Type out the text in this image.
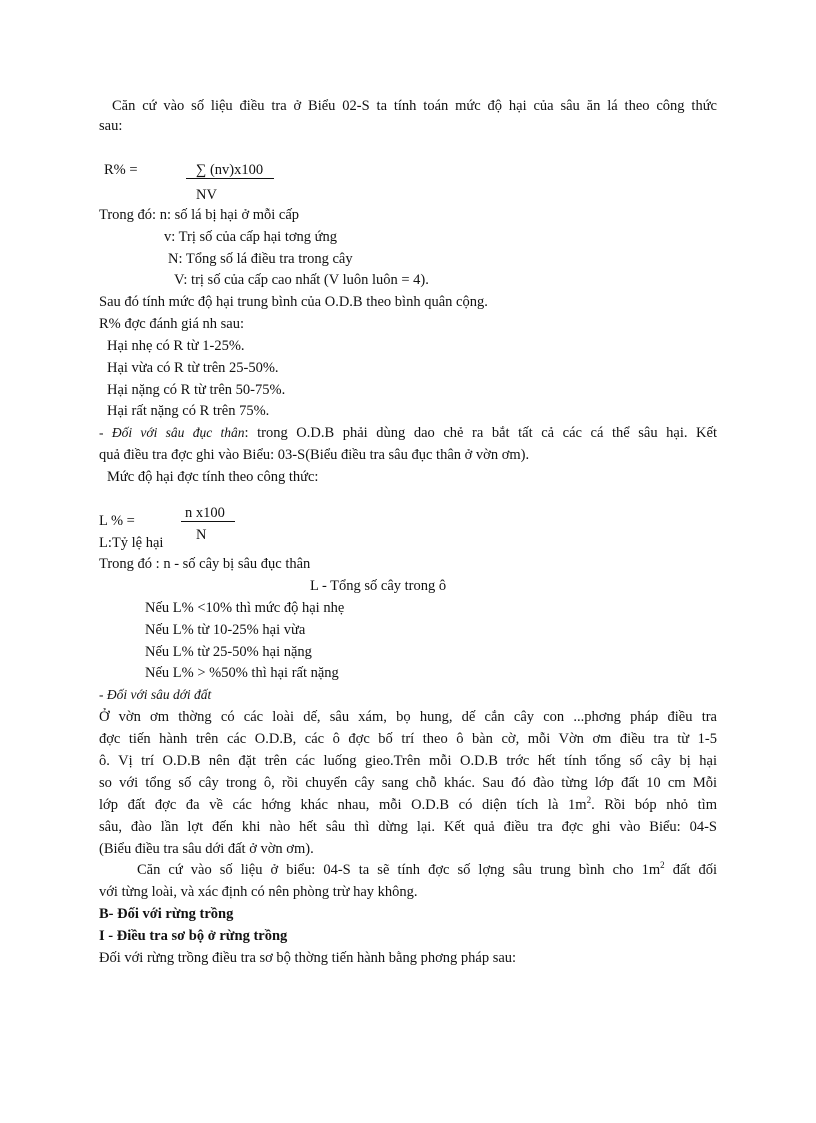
Căn cứ vào số liệu điều tra ở Biểu 02-S ta tính toán mức độ hại của sâu ăn lá theo công thức
sau:
R% =	∑ (nv)x100
NV
Trong đó: n: số lá bị hại ở mỗi cấp
v: Trị số của cấp hại tơng ứng
N: Tổng số lá điều tra trong cây
V: trị số của cấp cao nhất (V luôn luôn = 4).
Sau đó tính mức độ hại trung bình của O.D.B theo bình quân cộng.
R% đợc đánh giá nh sau:
Hại nhẹ có R từ 1-25%.
Hại vừa có R từ trên 25-50%.
Hại nặng có R từ trên 50-75%.
Hại rất nặng có R trên 75%.
- Đối với sâu đục thân: trong O.D.B phải dùng dao chẻ ra bắt tất cả các cá thể sâu hại. Kết
quả điều tra đợc ghi vào Biểu: 03-S(Biểu điều tra sâu đục thân ở vờn ơm).
Mức độ hại đợc tính theo công thức:
L % =	n x100
N
L:Tỷ lệ hại
Trong đó : n - số cây bị sâu đục thân
L - Tổng số cây trong ô
Nếu L% <10% thì mức độ hại nhẹ
Nếu L% từ 10-25% hại vừa
Nếu L% từ 25-50% hại nặng
Nếu L% > %50% thì hại rất nặng
- Đối với sâu dới đất
Ở vờn ơm thờng có các loài dế, sâu xám, bọ hung, dế cắn cây con ...phơng pháp điều tra
đợc tiến hành trên các O.D.B, các ô đợc bố trí theo ô bàn cờ, mỗi Vờn ơm điều tra từ 1-5
ô. Vị trí O.D.B nên đặt trên các luống gieo.Trên mỗi O.D.B trớc hết tính tổng số cây bị hại
so với tổng số cây trong ô, rồi chuyển cây sang chỗ khác. Sau đó đào từng lớp đất 10 cm Mỗi
lớp đất đợc đa về các hớng khác nhau, mỗi O.D.B có diện tích là $1m^2$. Rồi bóp nhỏ tìm
sâu, đào lần lợt đến khi nào hết sâu thì dừng lại. Kết quả điều tra đợc ghi vào Biểu: 04-S
(Biểu điều tra sâu dới đất ở vờn ơm).
Căn cứ vào số liệu ở biểu: 04-S ta sẽ tính đợc số lợng sâu trung bình cho $1m^2$ đất đối
với từng loài, và xác định có nên phòng trừ hay không.
B- Đối với rừng trồng
I - Điều tra sơ bộ ở rừng trồng
Đối với rừng trồng điều tra sơ bộ thờng tiến hành bằng phơng pháp sau:
